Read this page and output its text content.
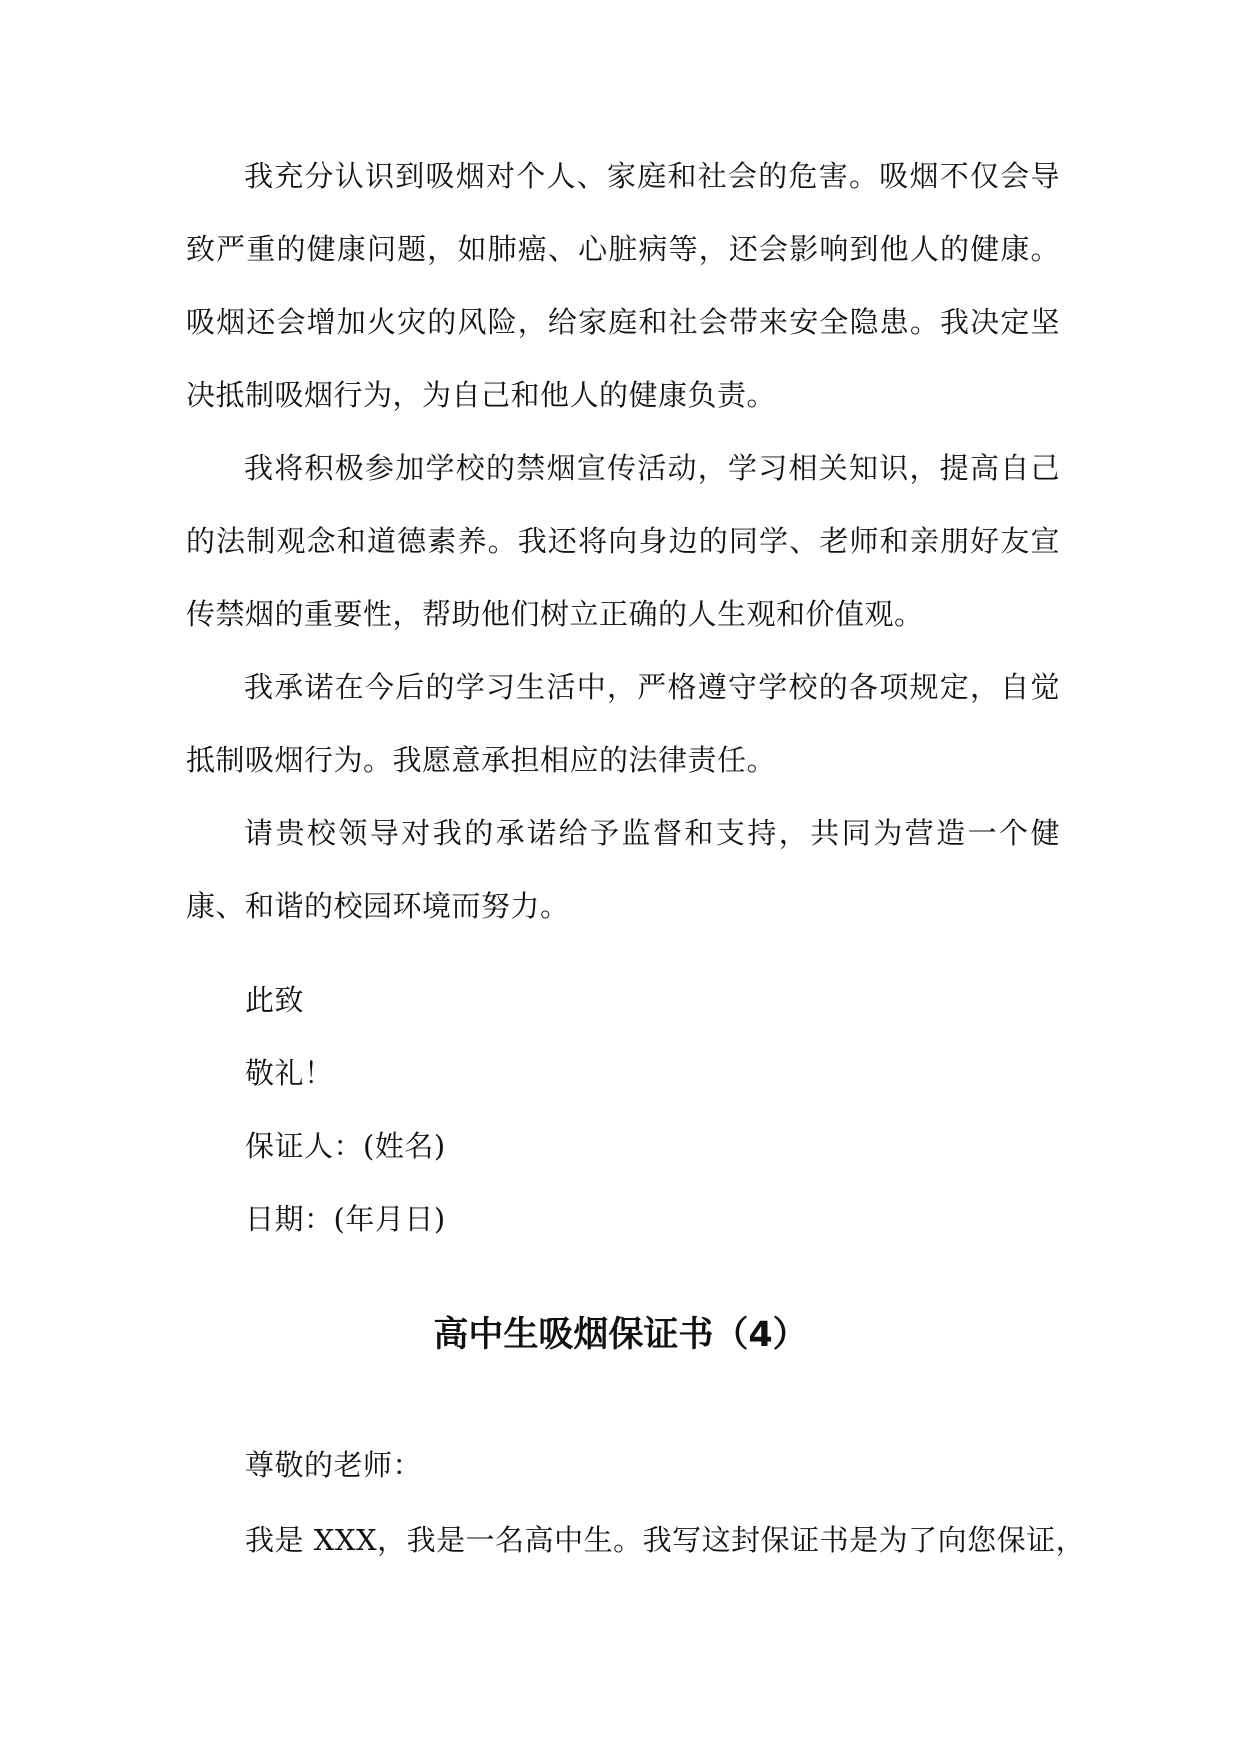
我充分认识到吸烟对个人、家庭和社会的危害。吸烟不仅会导致严重的健康问题，如肺癌、心脏病等，还会影响到他人的健康。吸烟还会增加火灾的风险，给家庭和社会带来安全隐患。我决定坚决抵制吸烟行为，为自己和他人的健康负责。

我将积极参加学校的禁烟宣传活动，学习相关知识，提高自己的法制观念和道德素养。我还将向身边的同学、老师和亲朋好友宣传禁烟的重要性，帮助他们树立正确的人生观和价值观。

我承诺在今后的学习生活中，严格遵守学校的各项规定，自觉抵制吸烟行为。我愿意承担相应的法律责任。

请贵校领导对我的承诺给予监督和支持，共同为营造一个健康、和谐的校园环境而努力。

此致

敬礼！

保证人：(姓名)

日期：(年月日)

高中生吸烟保证书（4）

尊敬的老师：

我是 XXX，我是一名高中生。我写这封保证书是为了向您保证，
